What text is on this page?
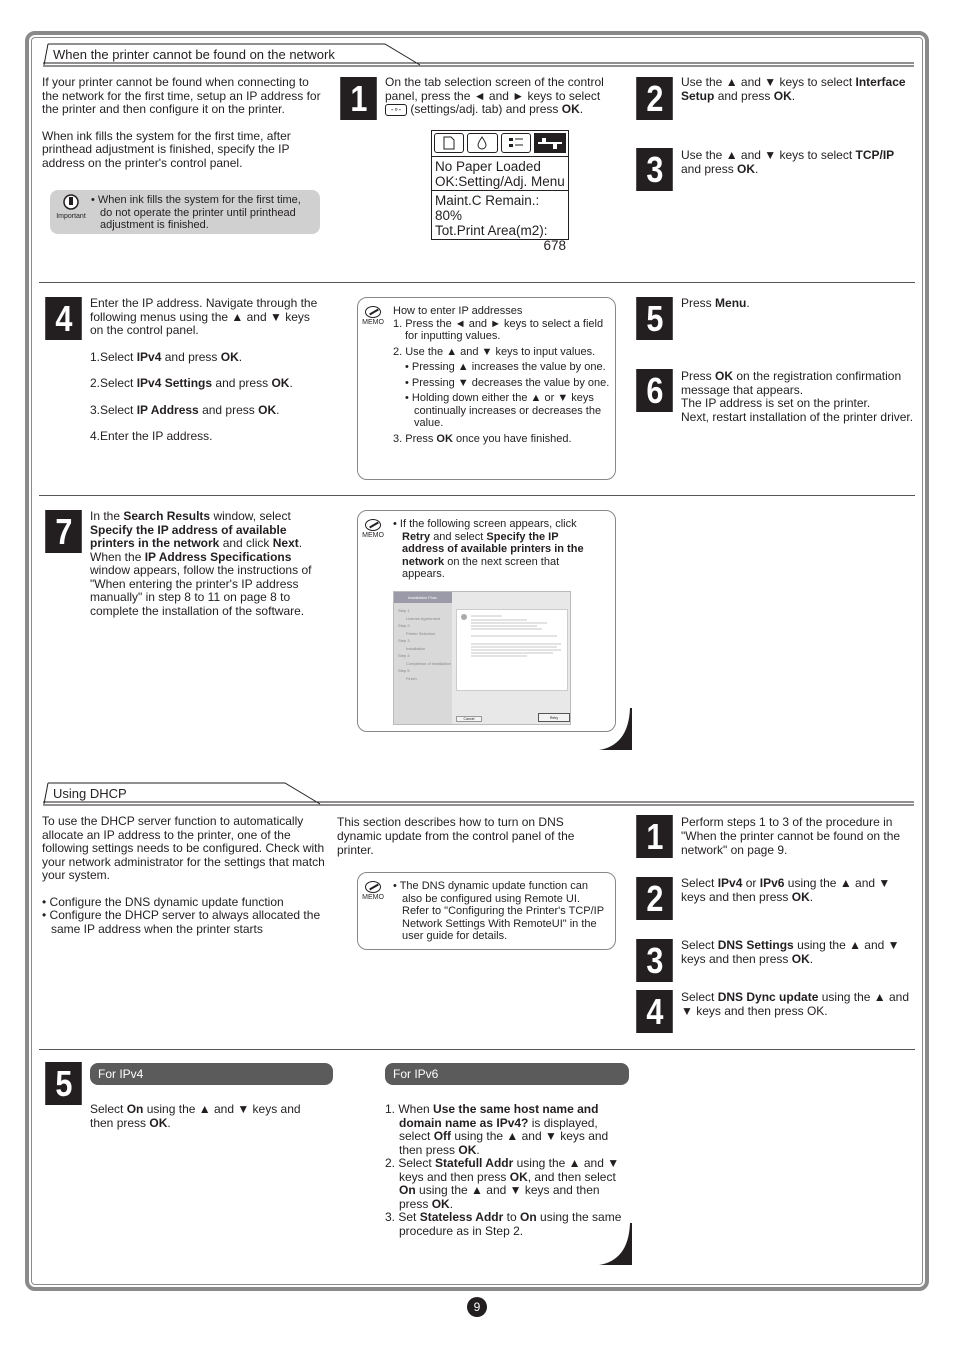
When the printer cannot be found on the network

If your printer cannot be found when connecting to the network for the first time, setup an IP address for the printer and then configure it on the printer.

When ink fills the system for the first time, after printhead adjustment is finished, specify the IP address on the printer's control panel.

Important
• When ink fills the system for the first time, do not operate the printer until printhead adjustment is finished.
1	On the tab selection screen of the control panel, press the ◄ and ► keys to select -∘- (settings/adj. tab) and press OK.

No Paper Loaded
OK:Setting/Adj. Menu
Maint.C Remain.: 80%
Tot.Print Area(m2):
678
2	Use the ▲ and ▼ keys to select Interface Setup and press OK.

3	Use the ▲ and ▼ keys to select TCP/IP and press OK.

4	Enter the IP address. Navigate through the following menus using the ▲ and ▼ keys on the control panel.

1.Select IPv4 and press OK.

2.Select IPv4 Settings and press OK.

3.Select IP Address and press OK.

4.Enter the IP address.

MEMO

How to enter IP addresses

1. Press the ◄ and ► keys to select a field for inputting values.

2. Use the ▲ and ▼ keys to input values.

• Pressing ▲ increases the value by one.

• Pressing ▼ decreases the value by one.

• Holding down either the ▲ or ▼ keys continually increases or decreases the value.

3. Press OK once you have finished.

5	Press Menu.

6	Press OK on the registration confirmation message that appears.

The IP address is set on the printer.

Next, restart installation of the printer driver.

7	In the Search Results window, select Specify the IP address of available printers in the network and click Next. When the IP Address Specifications window appears, follow the instructions of "When entering the printer's IP address manually" in step 8 to 11 on page 8 to complete the installation of the software.

MEMO

• If the following screen appears, click Retry and select Specify the IP address of available printers in the network on the next screen that appears.

Installation Flow
Step 1
License Agreement
Step 2
Printer Selection
Step 3
Installation
Step 4
Completion of Installation
Step 5
Finish
Cancel	Retry
Using DHCP

To use the DHCP server function to automatically allocate an IP address to the printer, one of the following settings needs to be configured. Check with your network administrator for the settings that match your system.

• Configure the DNS dynamic update function

• Configure the DHCP server to always allocated the same IP address when the printer starts

This section describes how to turn on DNS dynamic update from the control panel of the printer.
MEMO
• The DNS dynamic update function can also be configured using Remote UI. Refer to "Configuring the Printer's TCP/IP Network Settings With RemoteUI" in the user guide for details.
1	Perform steps 1 to 3 of the procedure in "When the printer cannot be found on the network" on page 9.
2	Select IPv4 or IPv6 using the ▲ and ▼ keys and then press OK.

3	Select DNS Settings using the ▲ and ▼ keys and then press OK.

4	Select DNS Dync update using the ▲ and ▼ keys and then press OK.

5	For IPv4

Select On using the ▲ and ▼ keys and then press OK.

For IPv6

1. When Use the same host name and domain name as IPv4? is displayed, select Off using the ▲ and ▼ keys and then press OK.

2. Select Statefull Addr using the ▲ and ▼ keys and then press OK, and then select On using the ▲ and ▼ keys and then press OK.

3. Set Stateless Addr to On using the same procedure as in Step 2.

9
